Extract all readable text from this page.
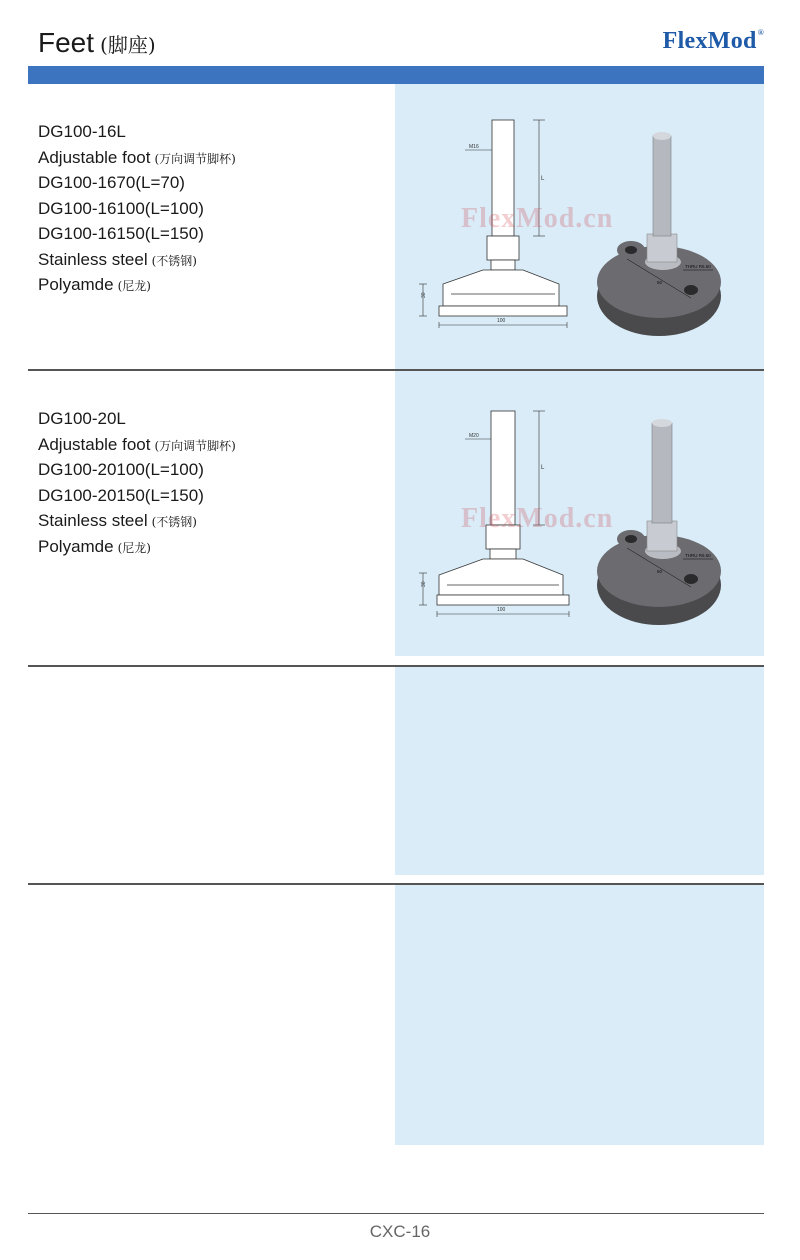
Feet (脚座)	FlexMod®
DG100-16L
Adjustable foot (万向调节脚杯)
DG100-1670(L=70)
DG100-16100(L=100)
DG100-16150(L=150)
Stainless steel (不锈钢)
Polyamde (尼龙)
M16
L
100
30
THRU R6.60
60
FlexMod.cn
DG100-20L
Adjustable foot (万向调节脚杯)
DG100-20100(L=100)
DG100-20150(L=150)
Stainless steel (不锈钢)
Polyamde (尼龙)
M20
L
100
30
THRU R6.60
60
FlexMod.cn
CXC-16
